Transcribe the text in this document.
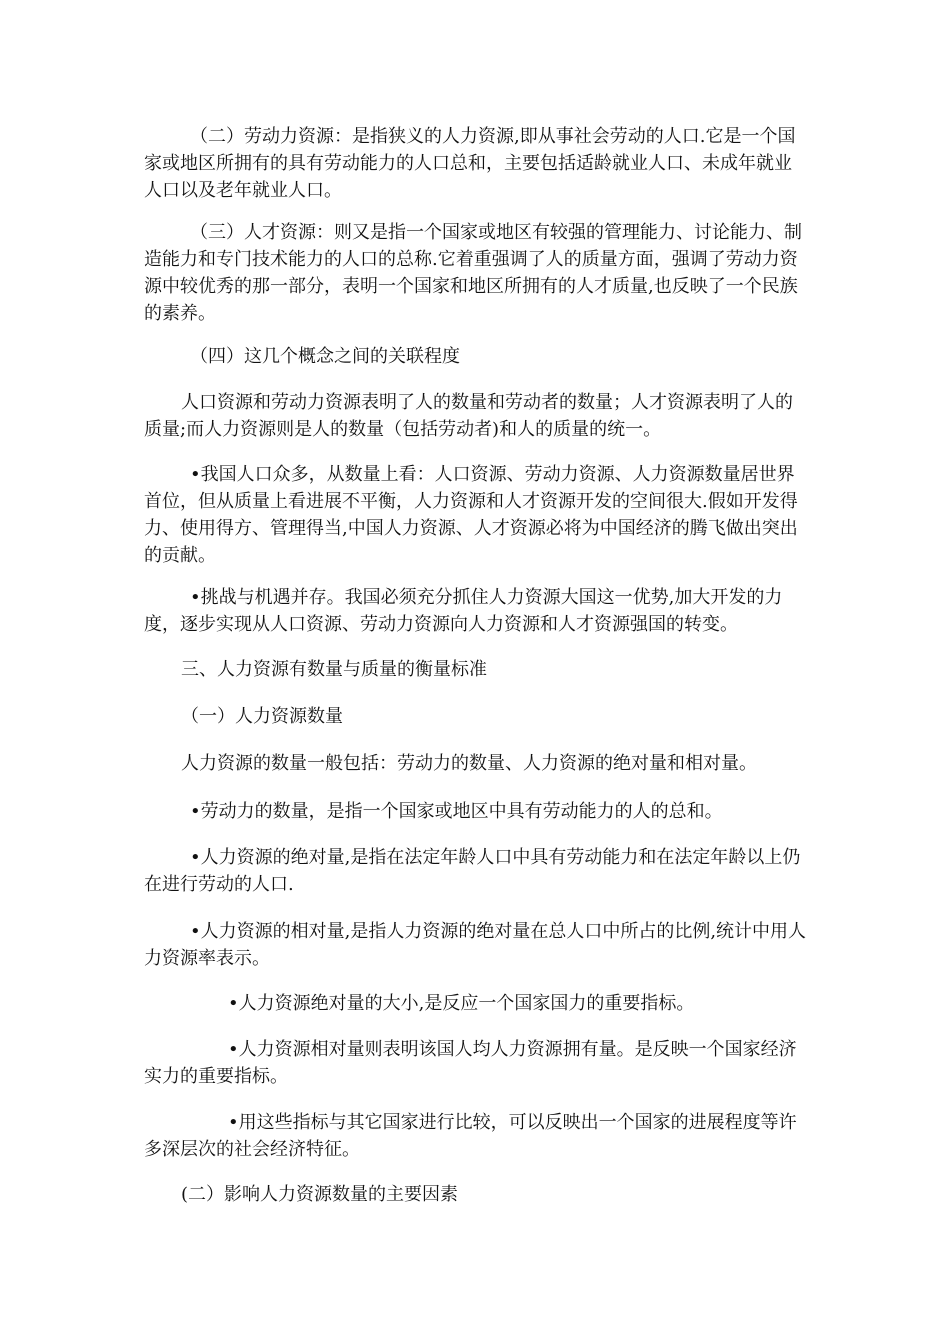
（二）劳动力资源：是指狭义的人力资源,即从事社会劳动的人口.它是一个国家或地区所拥有的具有劳动能力的人口总和，主要包括适龄就业人口、未成年就业人口以及老年就业人口。

（三）人才资源：则又是指一个国家或地区有较强的管理能力、讨论能力、制造能力和专门技术能力的人口的总称.它着重强调了人的质量方面，强调了劳动力资源中较优秀的那一部分，表明一个国家和地区所拥有的人才质量,也反映了一个民族的素养。

（四）这几个概念之间的关联程度

人口资源和劳动力资源表明了人的数量和劳动者的数量；人才资源表明了人的质量;而人力资源则是人的数量（包括劳动者)和人的质量的统一。

•我国人口众多，从数量上看：人口资源、劳动力资源、人力资源数量居世界首位，但从质量上看进展不平衡，人力资源和人才资源开发的空间很大.假如开发得力、使用得方、管理得当,中国人力资源、人才资源必将为中国经济的腾飞做出突出的贡献。

•挑战与机遇并存。我国必须充分抓住人力资源大国这一优势,加大开发的力度，逐步实现从人口资源、劳动力资源向人力资源和人才资源强国的转变。

三、人力资源有数量与质量的衡量标准

（一）人力资源数量

人力资源的数量一般包括：劳动力的数量、人力资源的绝对量和相对量。

•劳动力的数量，是指一个国家或地区中具有劳动能力的人的总和。

•人力资源的绝对量,是指在法定年龄人口中具有劳动能力和在法定年龄以上仍在进行劳动的人口.

•人力资源的相对量,是指人力资源的绝对量在总人口中所占的比例,统计中用人力资源率表示。

•人力资源绝对量的大小,是反应一个国家国力的重要指标。

•人力资源相对量则表明该国人均人力资源拥有量。是反映一个国家经济实力的重要指标。

•用这些指标与其它国家进行比较，可以反映出一个国家的进展程度等许多深层次的社会经济特征。

(二）影响人力资源数量的主要因素
